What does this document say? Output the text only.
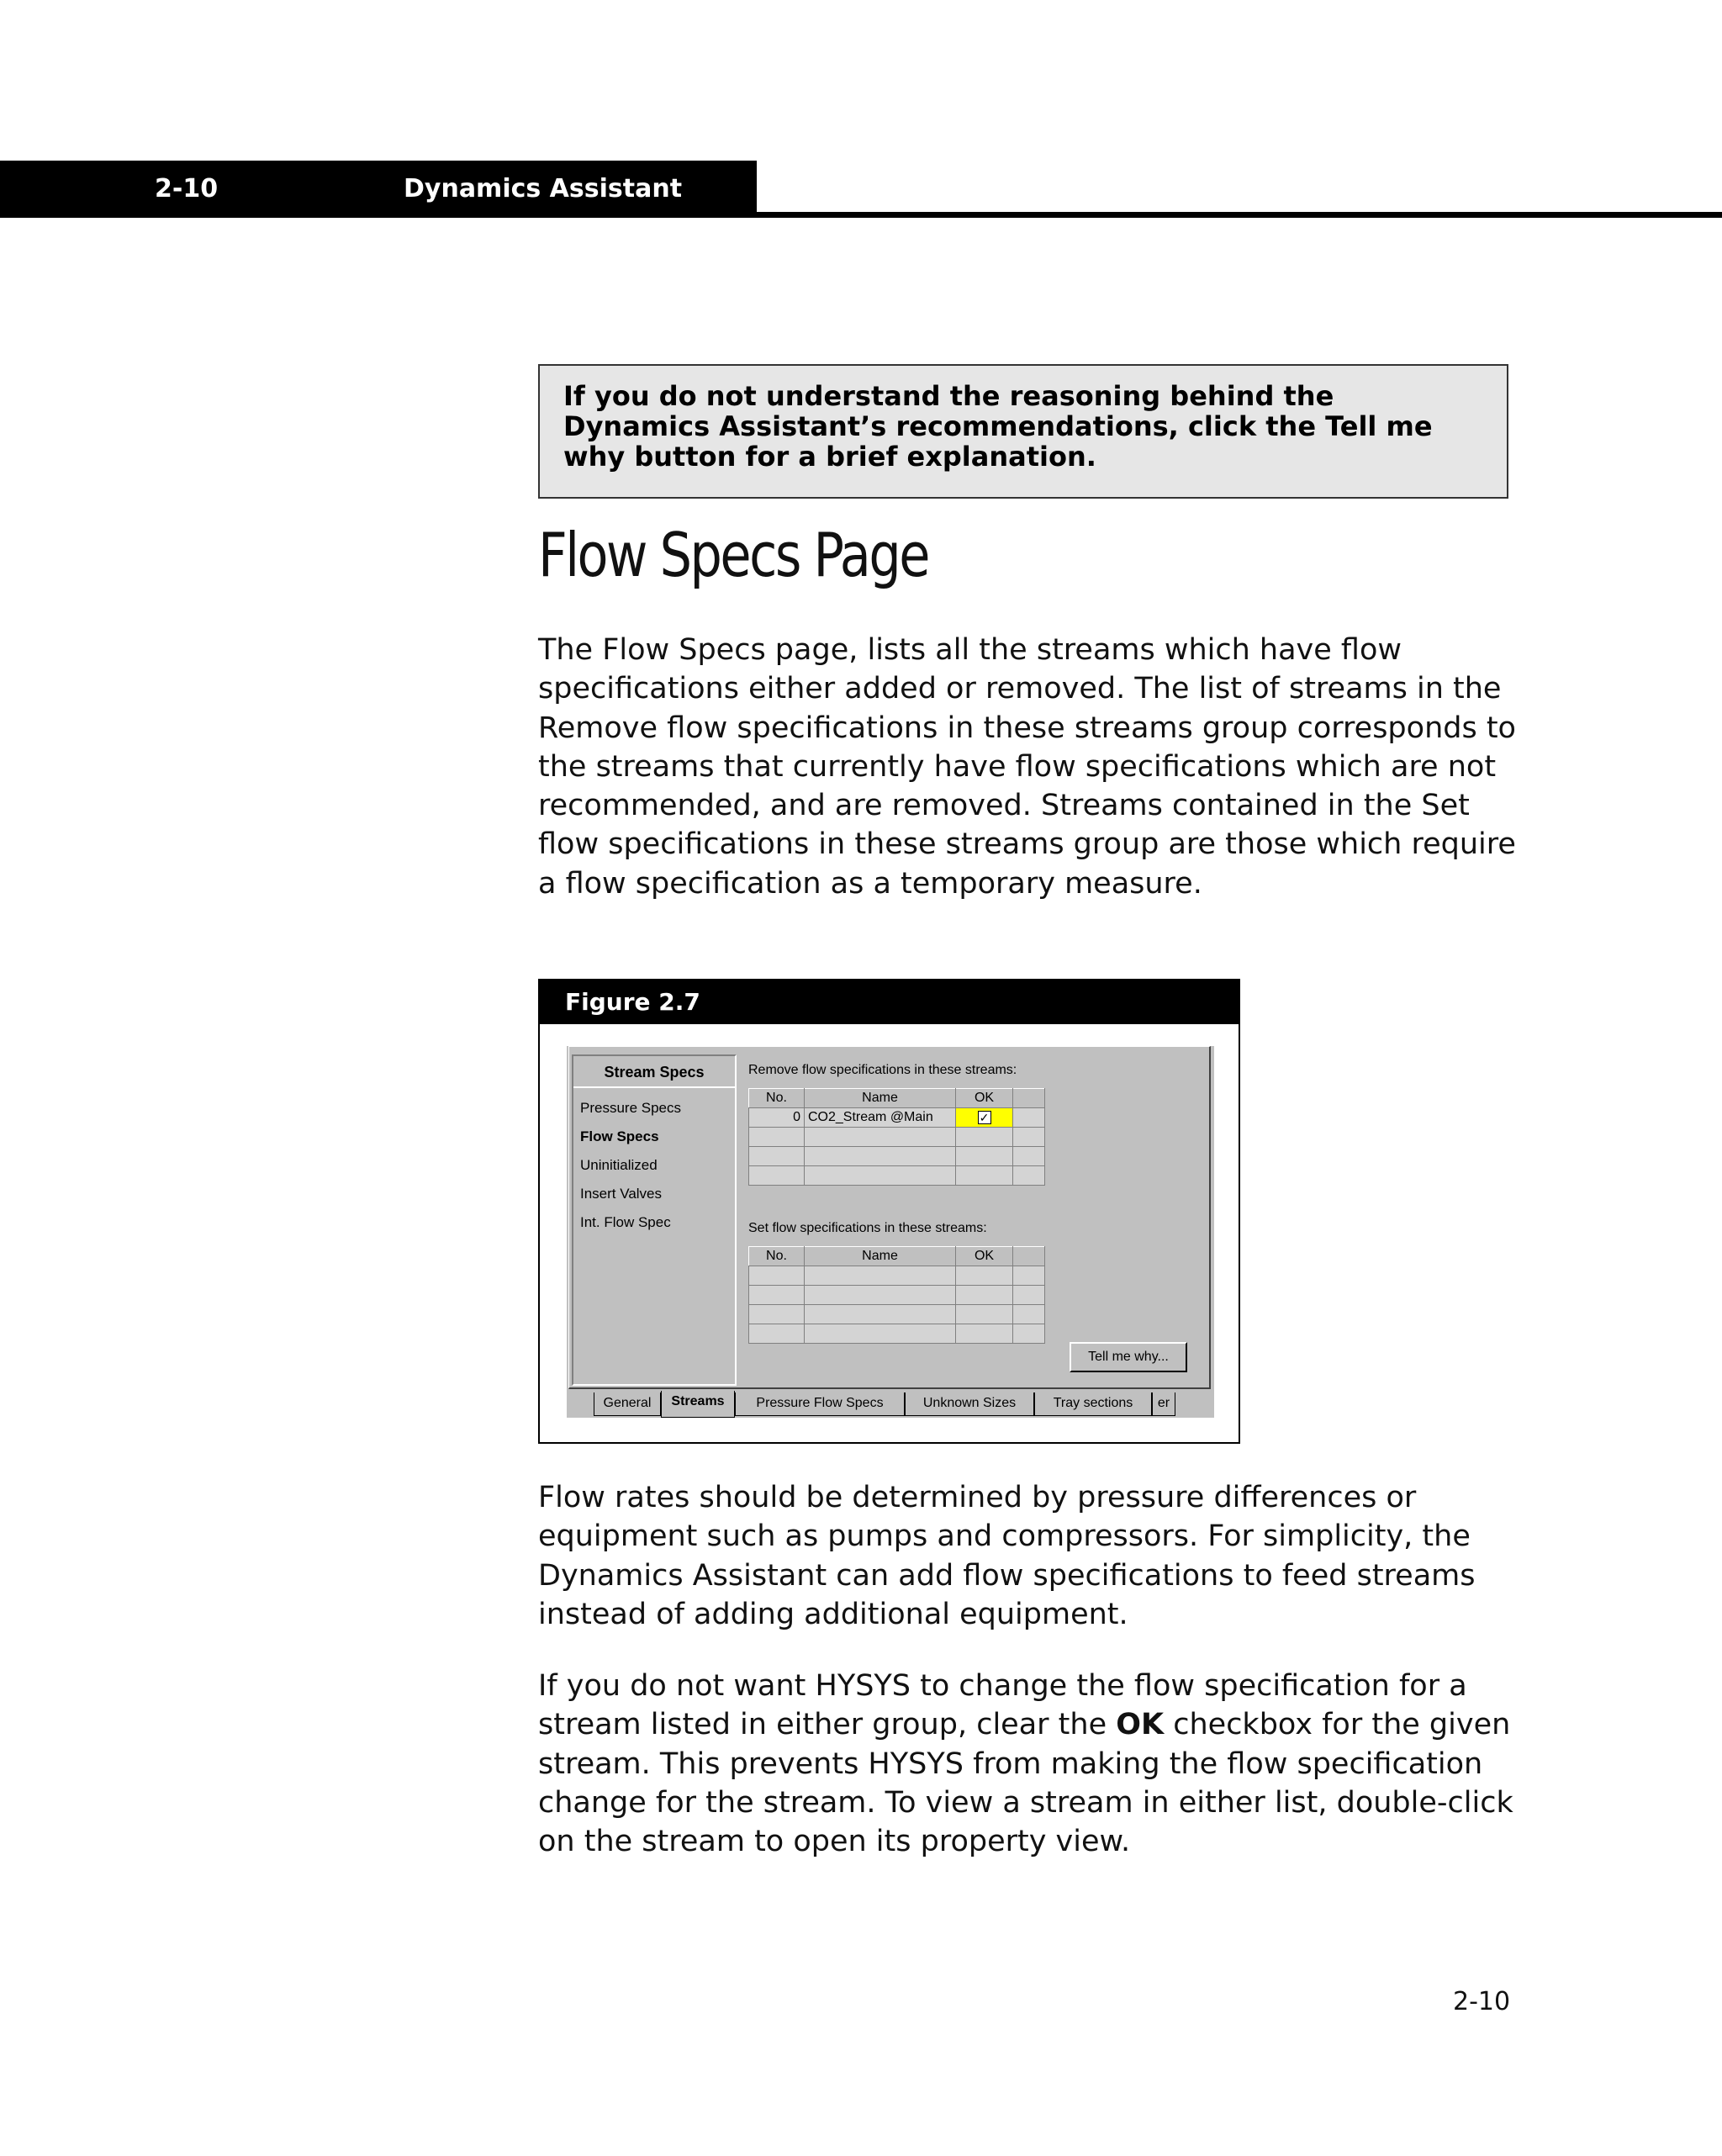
2-10	Dynamics Assistant
If you do not understand the reasoning behind the Dynamics Assistant’s recommendations, click the Tell me why button for a brief explanation.
Flow Specs Page
The Flow Specs page, lists all the streams which have flow specifications either added or removed. The list of streams in the Remove flow specifications in these streams group corresponds to the streams that currently have flow specifications which are not recommended, and are removed. Streams contained in the Set flow specifications in these streams group are those which require a flow specification as a temporary measure.
Figure 2.7
Stream Specs
Pressure Specs
Flow Specs
Uninitialized
Insert Valves
Int. Flow Spec
Remove flow specifications in these streams:
No.	Name	OK	
0	CO2_Stream @Main	✓	

Set flow specifications in these streams:
No.	Name	OK	

Tell me why...
General	Streams	Pressure Flow Specs	Unknown Sizes	Tray sections	er
Flow rates should be determined by pressure differences or equipment such as pumps and compressors. For simplicity, the Dynamics Assistant can add flow specifications to feed streams instead of adding additional equipment.
If you do not want HYSYS to change the flow specification for a stream listed in either group, clear the OK checkbox for the given stream. This prevents HYSYS from making the flow specification change for the stream. To view a stream in either list, double-click on the stream to open its property view.
2-10
